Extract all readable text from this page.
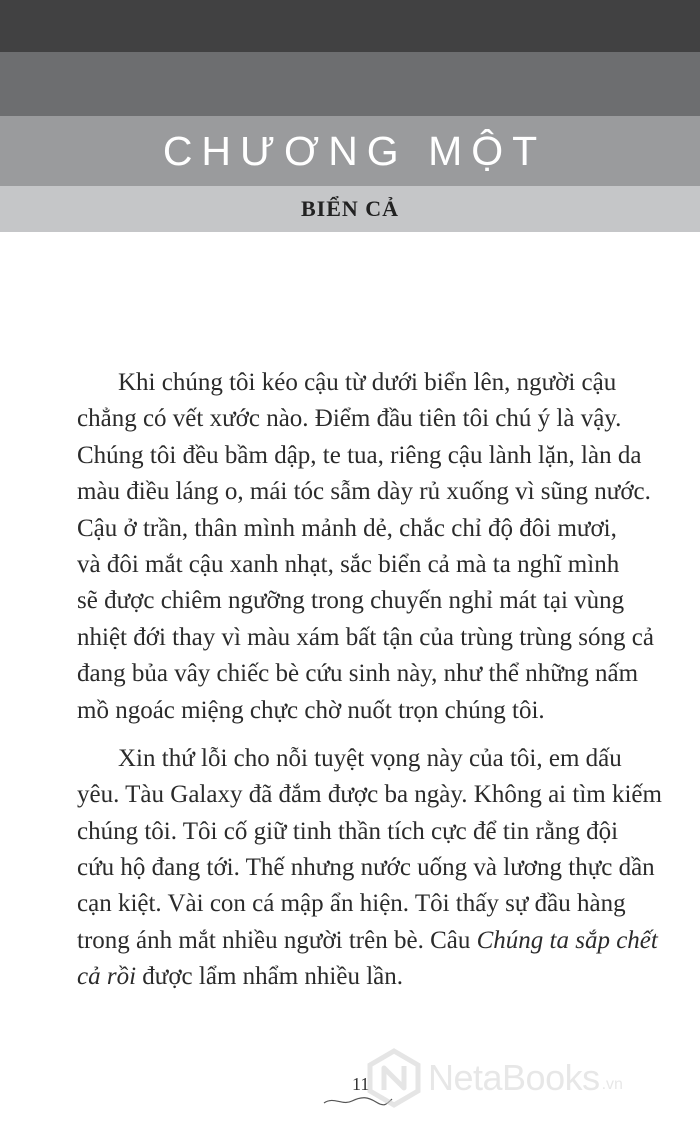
CHƯƠNG MỘT
BIỂN CẢ
Khi chúng tôi kéo cậu từ dưới biển lên, người cậu
chẳng có vết xước nào. Điểm đầu tiên tôi chú ý là vậy.
Chúng tôi đều bầm dập, te tua, riêng cậu lành lặn, làn da
màu điều láng o, mái tóc sẫm dày rủ xuống vì sũng nước.
Cậu ở trần, thân mình mảnh dẻ, chắc chỉ độ đôi mươi,
và đôi mắt cậu xanh nhạt, sắc biển cả mà ta nghĩ mình
sẽ được chiêm ngưỡng trong chuyến nghỉ mát tại vùng
nhiệt đới thay vì màu xám bất tận của trùng trùng sóng cả
đang bủa vây chiếc bè cứu sinh này, như thể những nấm
mồ ngoác miệng chực chờ nuốt trọn chúng tôi.
Xin thứ lỗi cho nỗi tuyệt vọng này của tôi, em dấu
yêu. Tàu Galaxy đã đắm được ba ngày. Không ai tìm kiếm
chúng tôi. Tôi cố giữ tinh thần tích cực để tin rằng đội
cứu hộ đang tới. Thế nhưng nước uống và lương thực dần
cạn kiệt. Vài con cá mập ẩn hiện. Tôi thấy sự đầu hàng
trong ánh mắt nhiều người trên bè. Câu Chúng ta sắp chết
cả rồi được lẩm nhẩm nhiều lần.
11 NetaBooks .vn
